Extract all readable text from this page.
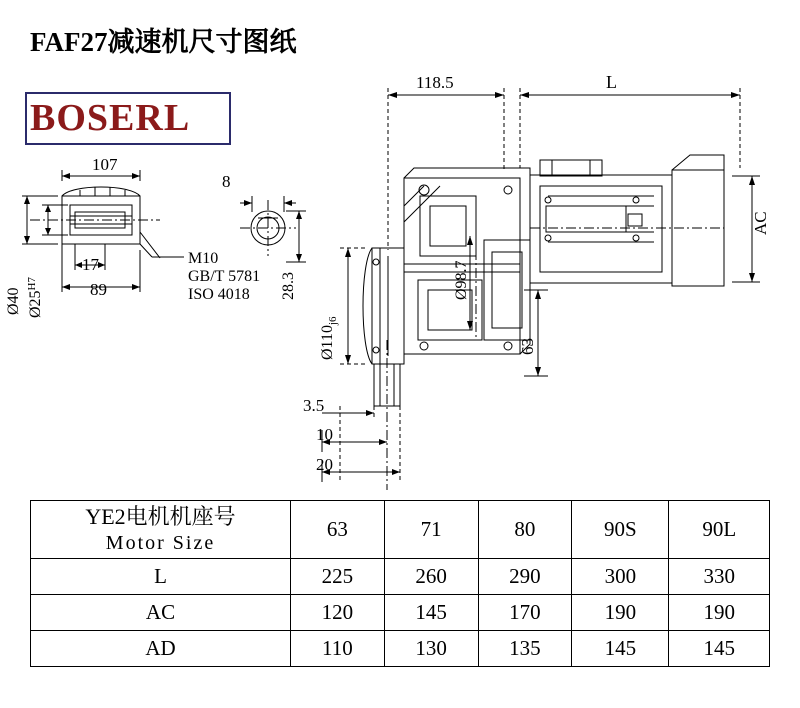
FAF27减速机尺寸图纸
BOSERL
118.5	L
AC
107
8
17
89
Ø40 $Ø25^{H7}$	28.3	Ø98.7
$Ø110_{j6}$
63
3.5
10
20
M10
GB/T 5781
ISO 4018
YE2电机机座号
Motor Size	63	71	80	90S	90L
L	225	260	290	300	330
AC	120	145	170	190	190
AD	110	130	135	145	145
